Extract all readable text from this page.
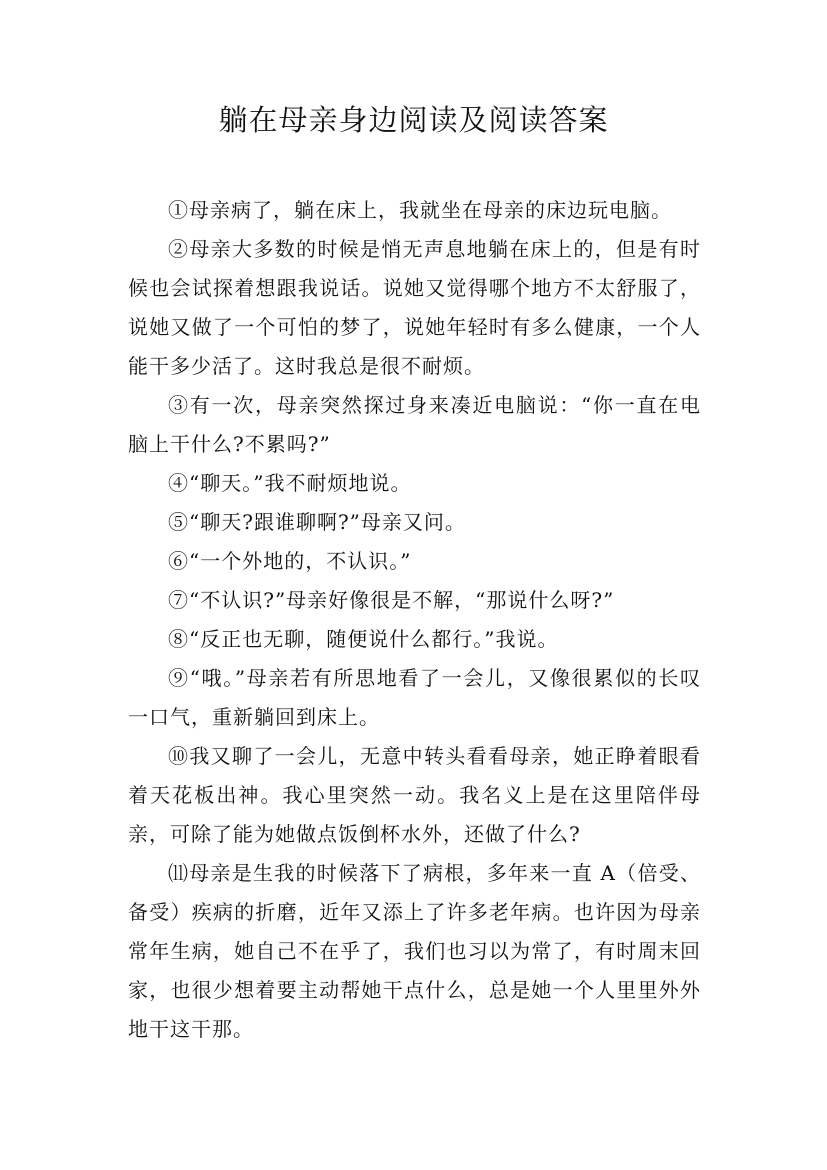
躺在母亲身边阅读及阅读答案

①母亲病了，躺在床上，我就坐在母亲的床边玩电脑。

②母亲大多数的时候是悄无声息地躺在床上的，但是有时候也会试探着想跟我说话。说她又觉得哪个地方不太舒服了，说她又做了一个可怕的梦了，说她年轻时有多么健康，一个人能干多少活了。这时我总是很不耐烦。

③有一次，母亲突然探过身来凑近电脑说：“你一直在电脑上干什么?不累吗?”

④“聊天。”我不耐烦地说。

⑤“聊天?跟谁聊啊?”母亲又问。

⑥“一个外地的，不认识。”

⑦“不认识?”母亲好像很是不解，“那说什么呀?”

⑧“反正也无聊，随便说什么都行。”我说。

⑨“哦。”母亲若有所思地看了一会儿，又像很累似的长叹一口气，重新躺回到床上。

⑩我又聊了一会儿，无意中转头看看母亲，她正睁着眼看着天花板出神。我心里突然一动。我名义上是在这里陪伴母亲，可除了能为她做点饭倒杯水外，还做了什么?

⑾母亲是生我的时候落下了病根，多年来一直 A（倍受、备受）疾病的折磨，近年又添上了许多老年病。也许因为母亲常年生病，她自己不在乎了，我们也习以为常了，有时周末回家，也很少想着要主动帮她干点什么，总是她一个人里里外外地干这干那。
